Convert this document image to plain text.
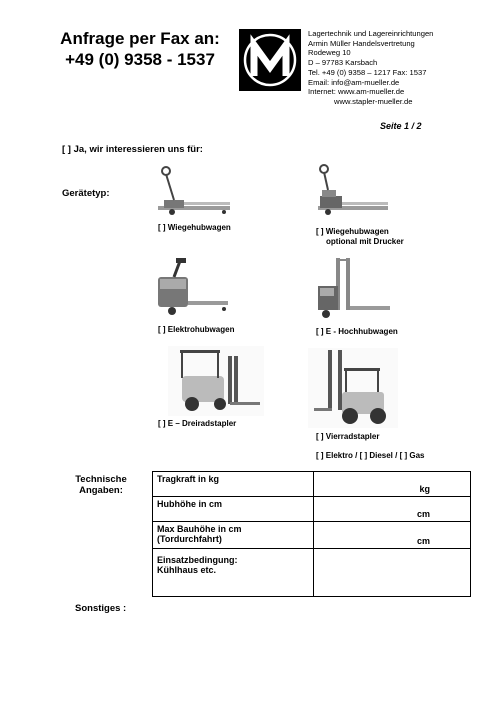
Anfrage per Fax an:
+49 (0) 9358 - 1537
Lagertechnik und Lagereinrichtungen
Armin Müller Handelsvertretung
Rodeweg 10
D – 97783 Karsbach
Tel. +49 (0) 9358 – 1217 Fax: 1537
Email: info@am-mueller.de
Internet: www.am-mueller.de
www.stapler-mueller.de
Seite 1 / 2
[ ] Ja, wir interessieren uns für:
Gerätetyp:
[ ] Wiegehubwagen	[ ] Wiegehubwagen
optional mit Drucker
[ ] Elektrohubwagen	[ ] E - Hochhubwagen
[ ] E – Dreiradstapler
[ ] Vierradstapler
[ ] Elektro / [ ] Diesel / [ ] Gas
Technische
Angaben:
Tragkraft in kg	kg
Hubhöhe in cm	cm
Max Bauhöhe in cm
(Tordurchfahrt)	cm
Einsatzbedingung:
Kühlhaus etc.	
Sonstiges :
